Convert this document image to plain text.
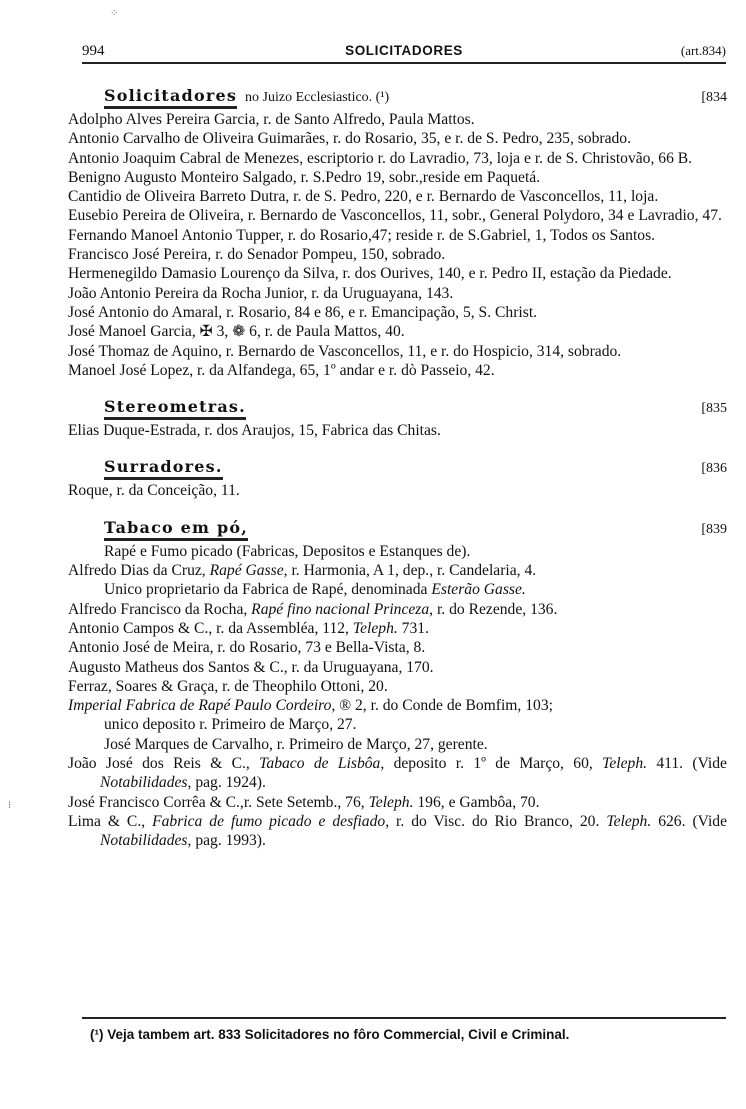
994	SOLICITADORES	(art.834)
Solicitadores no Juizo Ecclesiastico. (¹)	[834
Adolpho Alves Pereira Garcia, r. de Santo Alfredo, Paula Mattos.
Antonio Carvalho de Oliveira Guimarães, r. do Rosario, 35, e r. de S. Pedro, 235, sobrado.
Antonio Joaquim Cabral de Menezes, escriptorio r. do Lavradio, 73, loja e r. de S. Christovão, 66 B.
Benigno Augusto Monteiro Salgado, r. S.Pedro 19, sobr.,reside em Paquetá.
Cantidio de Oliveira Barreto Dutra, r. de S. Pedro, 220, e r. Bernardo de Vasconcellos, 11, loja.
Eusebio Pereira de Oliveira, r. Bernardo de Vasconcellos, 11, sobr., General Polydoro, 34 e Lavradio, 47.
Fernando Manoel Antonio Tupper, r. do Rosario,47; reside r. de S.Gabriel, 1, Todos os Santos.
Francisco José Pereira, r. do Senador Pompeu, 150, sobrado.
Hermenegildo Damasio Lourenço da Silva, r. dos Ourives, 140, e r. Pedro II, estação da Piedade.
João Antonio Pereira da Rocha Junior, r. da Uruguayana, 143.
José Antonio do Amaral, r. Rosario, 84 e 86, e r. Emancipação, 5, S. Christ.
José Manoel Garcia, ✠ 3, ❁ 6, r. de Paula Mattos, 40.
José Thomaz de Aquino, r. Bernardo de Vasconcellos, 11, e r. do Hospicio, 314, sobrado.
Manoel José Lopez, r. da Alfandega, 65, 1º andar e r. dò Passeio, 42.
Stereometras.	[835
Elias Duque-Estrada, r. dos Araujos, 15, Fabrica das Chitas.
Surradores.	[836
Roque, r. da Conceição, 11.
Tabaco em pó,	[839
Rapé e Fumo picado (Fabricas, Depositos e Estanques de).
Alfredo Dias da Cruz, Rapé Gasse, r. Harmonia, A 1, dep., r. Candelaria, 4.
Unico proprietario da Fabrica de Rapé, denominada Esterão Gasse.
Alfredo Francisco da Rocha, Rapé fino nacional Princeza, r. do Rezende, 136.
Antonio Campos & C., r. da Assembléa, 112, Teleph. 731.
Antonio José de Meira, r. do Rosario, 73 e Bella-Vista, 8.
Augusto Matheus dos Santos & C., r. da Uruguayana, 170.
Ferraz, Soares & Graça, r. de Theophilo Ottoni, 20.
Imperial Fabrica de Rapé Paulo Cordeiro, ® 2, r. do Conde de Bomfim, 103;
unico deposito r. Primeiro de Março, 27.
José Marques de Carvalho, r. Primeiro de Março, 27, gerente.
João José dos Reis & C., Tabaco de Lisbôa, deposito r. 1º de Março, 60, Teleph. 411. (Vide Notabilidades, pag. 1924).
José Francisco Corrêa & C.,r. Sete Setemb., 76, Teleph. 196, e Gambôa, 70.
Lima & C., Fabrica de fumo picado e desfiado, r. do Visc. do Rio Branco, 20. Teleph. 626. (Vide Notabilidades, pag. 1993).
(¹) Veja tambem art. 833 Solicitadores no fôro Commercial, Civil e Criminal.
⁘
⁝
